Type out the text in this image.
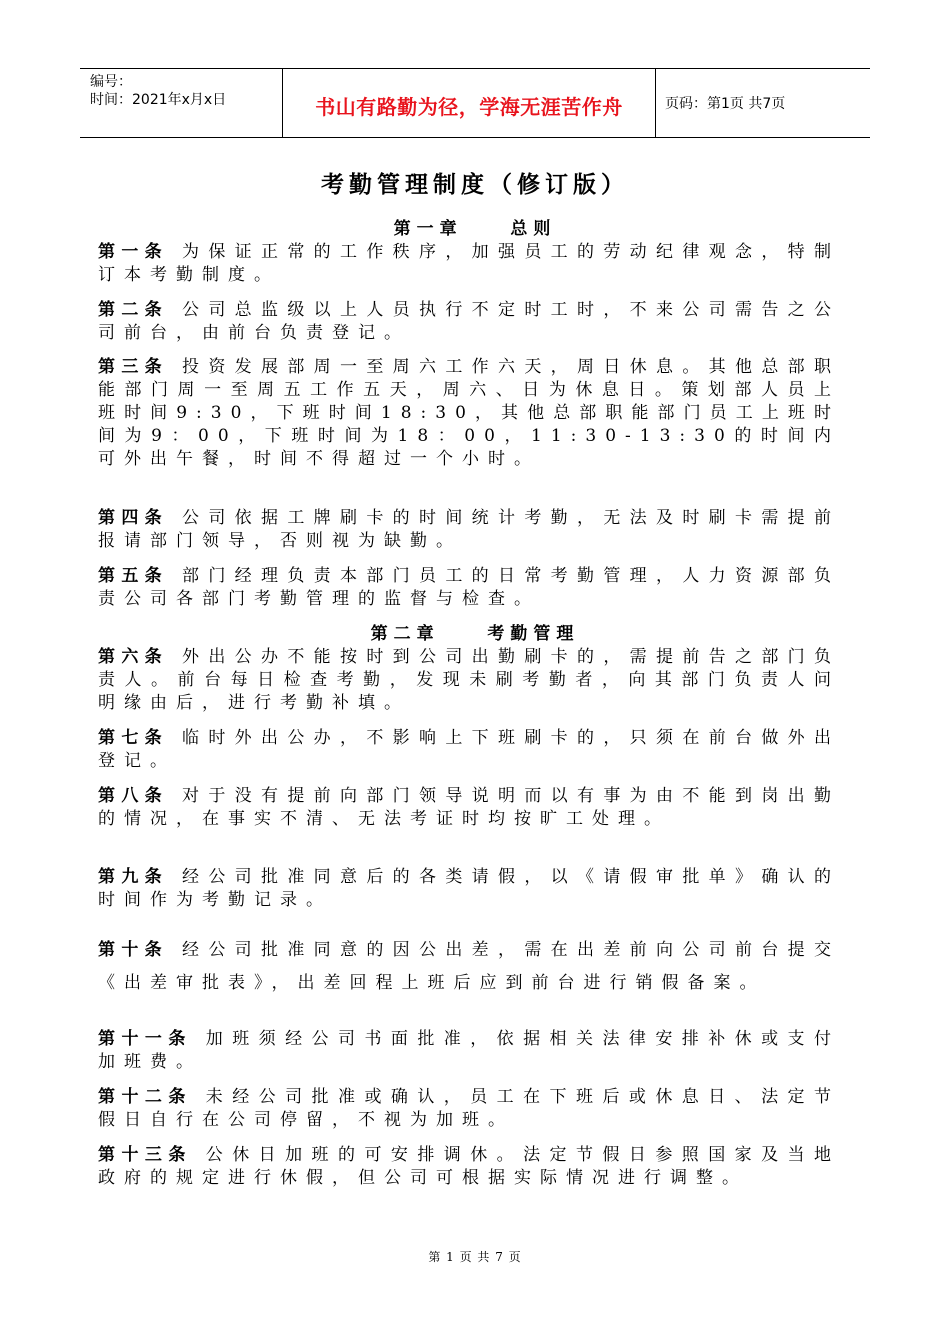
编号：
时间：2021年x月x日	书山有路勤为径，学海无涯苦作舟	页码：第1页 共7页
考勤管理制度（修订版）
第一章    总则
第一条 为保证正常的工作秩序，加强员工的劳动纪律观念，特制订本考勤制度。
第二条 公司总监级以上人员执行不定时工时，不来公司需告之公司前台，由前台负责登记。
第三条 投资发展部周一至周六工作六天，周日休息。其他总部职能部门周一至周五工作五天，周六、日为休息日。策划部人员上班时间9:30，下班时间18:30，其他总部职能部门员工上班时间为9：00，下班时间为18：00，11:30-13:30的时间内可外出午餐，时间不得超过一个小时。
第四条 公司依据工牌刷卡的时间统计考勤，无法及时刷卡需提前报请部门领导，否则视为缺勤。
第五条 部门经理负责本部门员工的日常考勤管理，人力资源部负责公司各部门考勤管理的监督与检查。
第二章    考勤管理
第六条 外出公办不能按时到公司出勤刷卡的，需提前告之部门负责人。前台每日检查考勤，发现未刷考勤者，向其部门负责人问明缘由后，进行考勤补填。
第七条 临时外出公办，不影响上下班刷卡的，只须在前台做外出登记。
第八条 对于没有提前向部门领导说明而以有事为由不能到岗出勤的情况，在事实不清、无法考证时均按旷工处理。
第九条 经公司批准同意后的各类请假，以《请假审批单》确认的时间作为考勤记录。
第十条 经公司批准同意的因公出差，需在出差前向公司前台提交《出差审批表》，出差回程上班后应到前台进行销假备案。
第十一条 加班须经公司书面批准，依据相关法律安排补休或支付加班费。
第十二条 未经公司批准或确认，员工在下班后或休息日、法定节假日自行在公司停留，不视为加班。
第十三条 公休日加班的可安排调休。法定节假日参照国家及当地政府的规定进行休假，但公司可根据实际情况进行调整。
第 1 页 共 7 页
